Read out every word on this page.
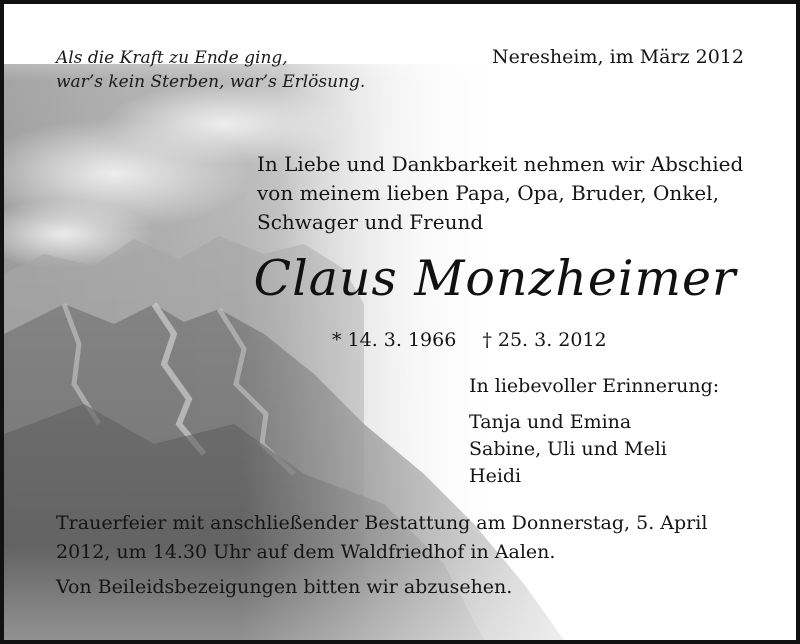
Als die Kraft zu Ende ging,
war’s kein Sterben, war’s Erlösung.
Neresheim, im März 2012
In Liebe und Dankbarkeit nehmen wir Abschied
von meinem lieben Papa, Opa, Bruder, Onkel,
Schwager und Freund
Claus Monzheimer
* 14. 3. 1966 † 25. 3. 2012
In liebevoller Erinnerung:
Tanja und Emina
Sabine, Uli und Meli
Heidi
Trauerfeier mit anschließender Bestattung am Donnerstag, 5. April
2012, um 14.30 Uhr auf dem Waldfriedhof in Aalen.
Von Beileidsbezeigungen bitten wir abzusehen.
